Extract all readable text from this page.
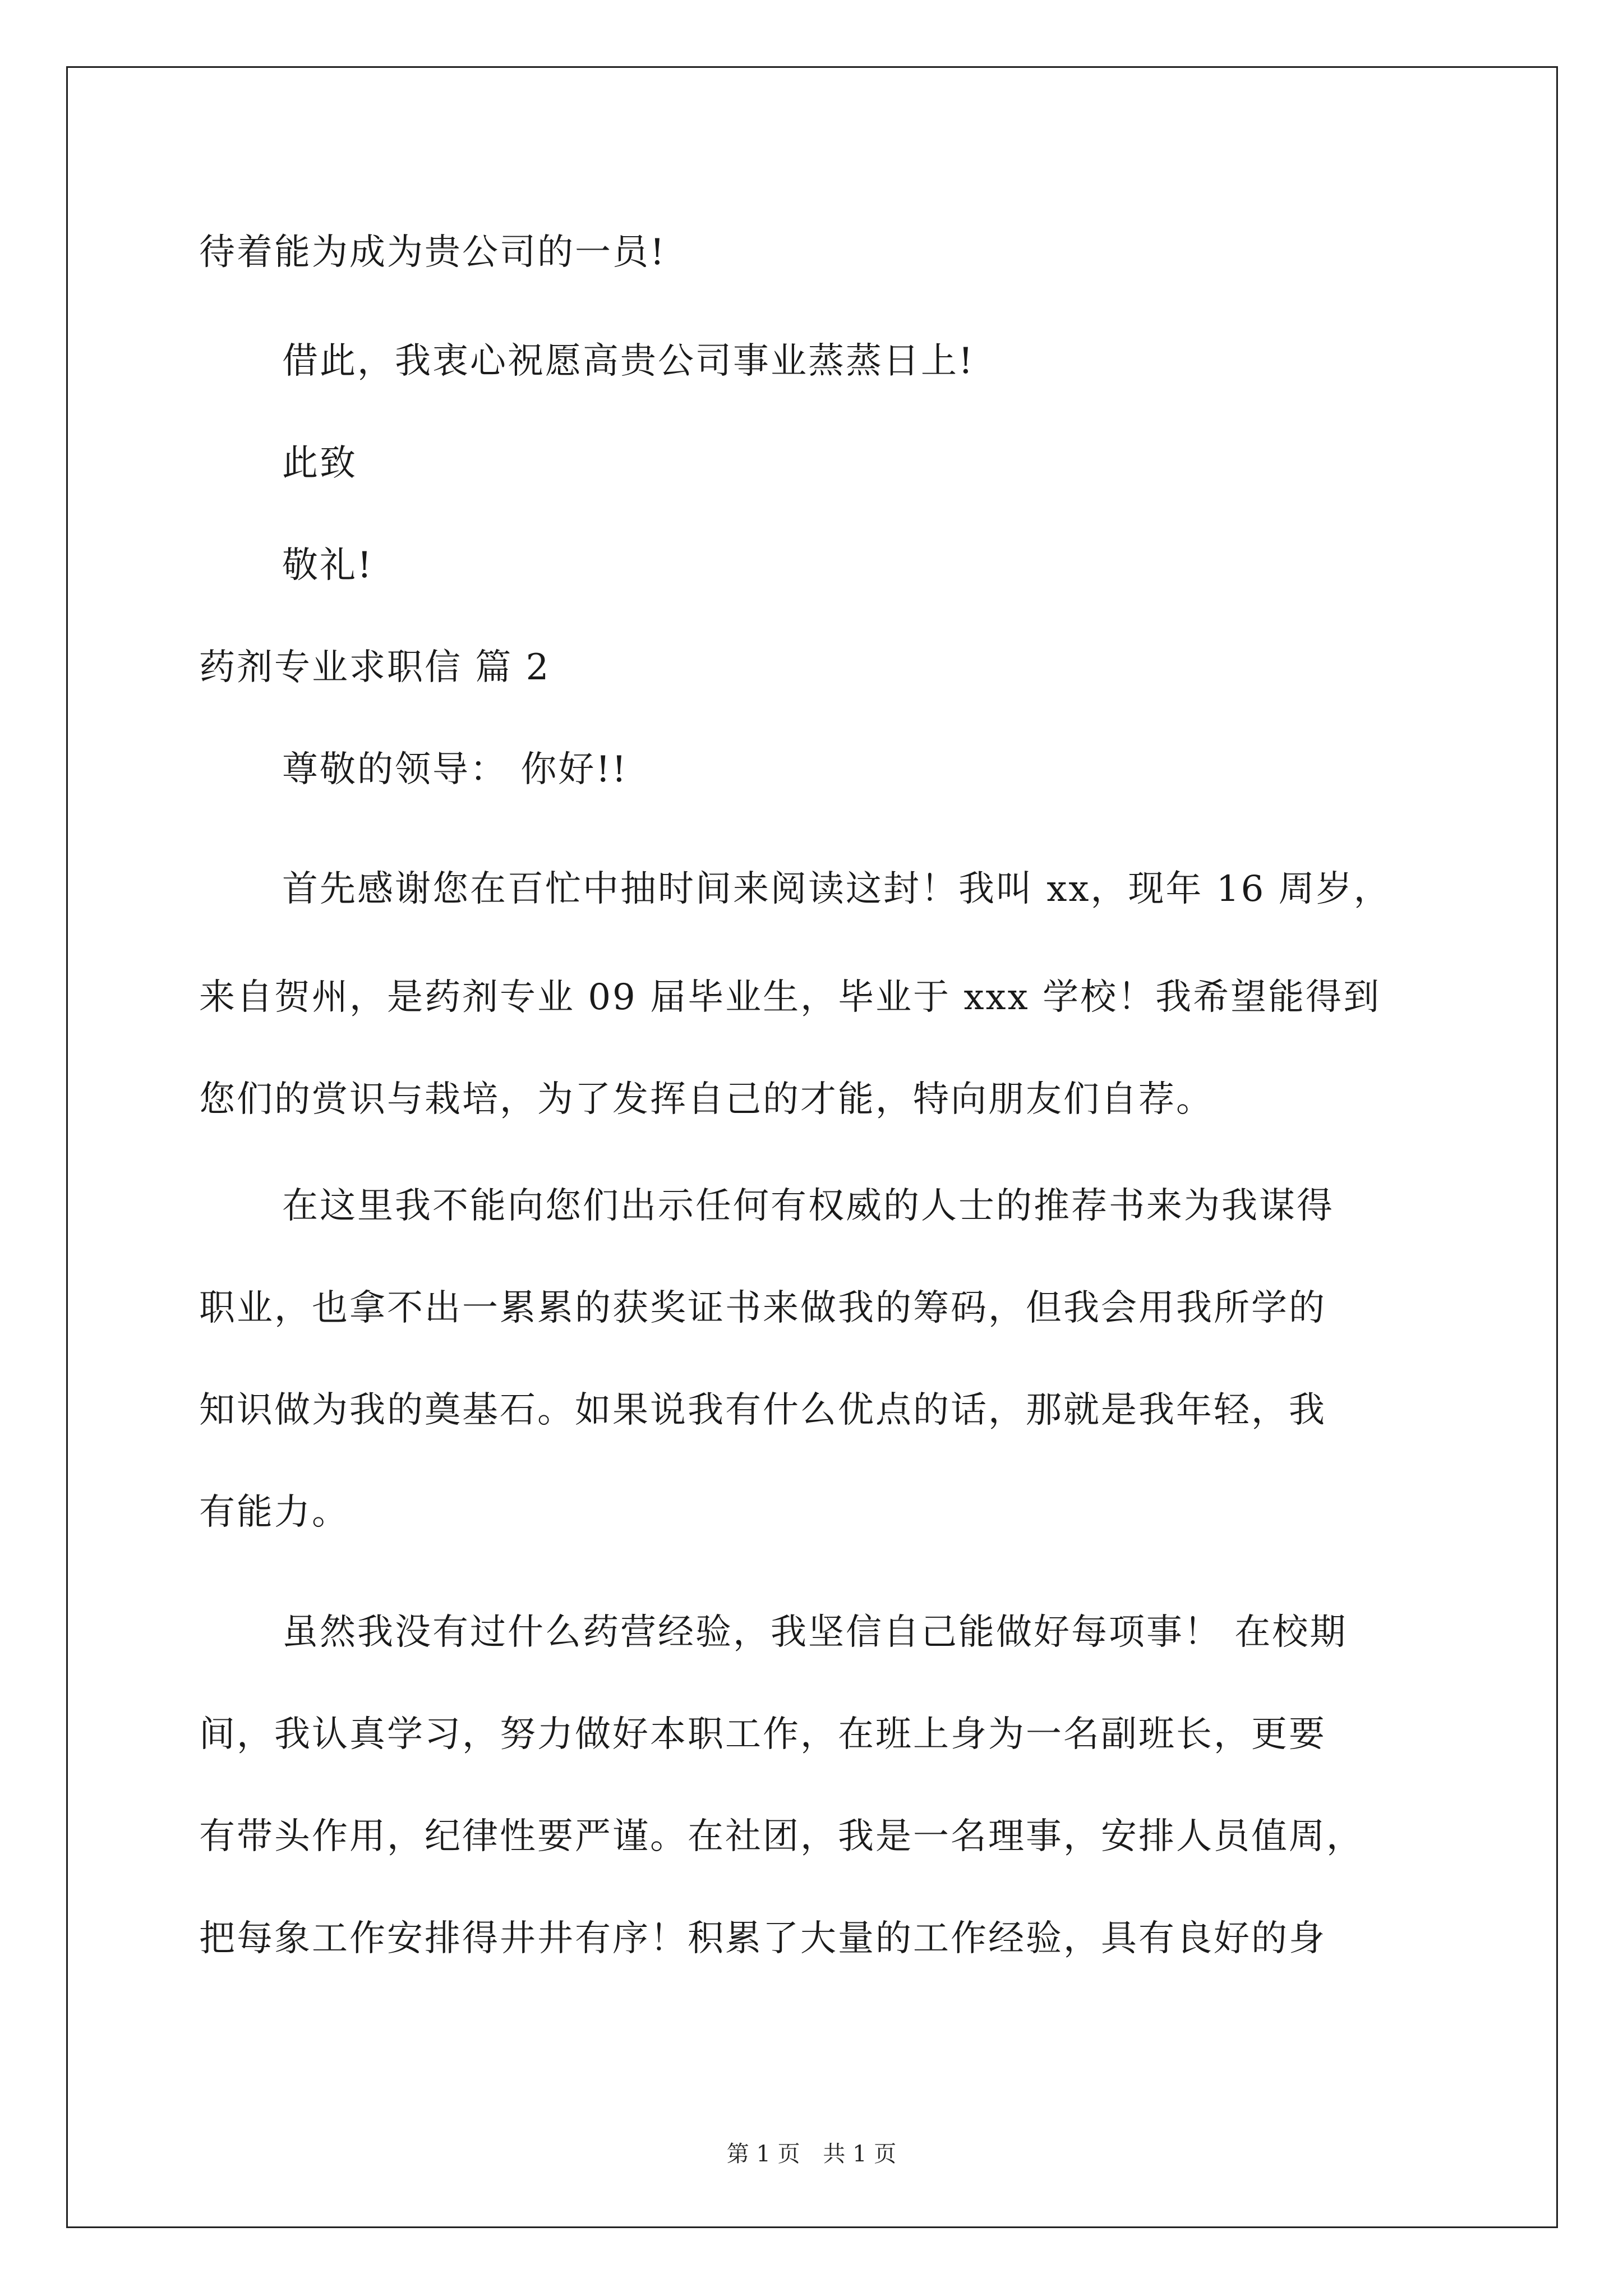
待着能为成为贵公司的一员!
借此，我衷心祝愿高贵公司事业蒸蒸日上!
此致
敬礼!
药剂专业求职信 篇 2
尊敬的领导： 你好!!
首先感谢您在百忙中抽时间来阅读这封！我叫 xx，现年 16 周岁，
来自贺州，是药剂专业 09 届毕业生，毕业于 xxx 学校！我希望能得到
您们的赏识与栽培，为了发挥自己的才能，特向朋友们自荐。
在这里我不能向您们出示任何有权威的人士的推荐书来为我谋得
职业，也拿不出一累累的获奖证书来做我的筹码，但我会用我所学的
知识做为我的奠基石。如果说我有什么优点的话，那就是我年轻，我
有能力。
虽然我没有过什么药营经验，我坚信自己能做好每项事！ 在校期
间，我认真学习，努力做好本职工作，在班上身为一名副班长，更要
有带头作用，纪律性要严谨。在社团，我是一名理事，安排人员值周，
把每象工作安排得井井有序！积累了大量的工作经验，具有良好的身
第 1 页 共 1 页
